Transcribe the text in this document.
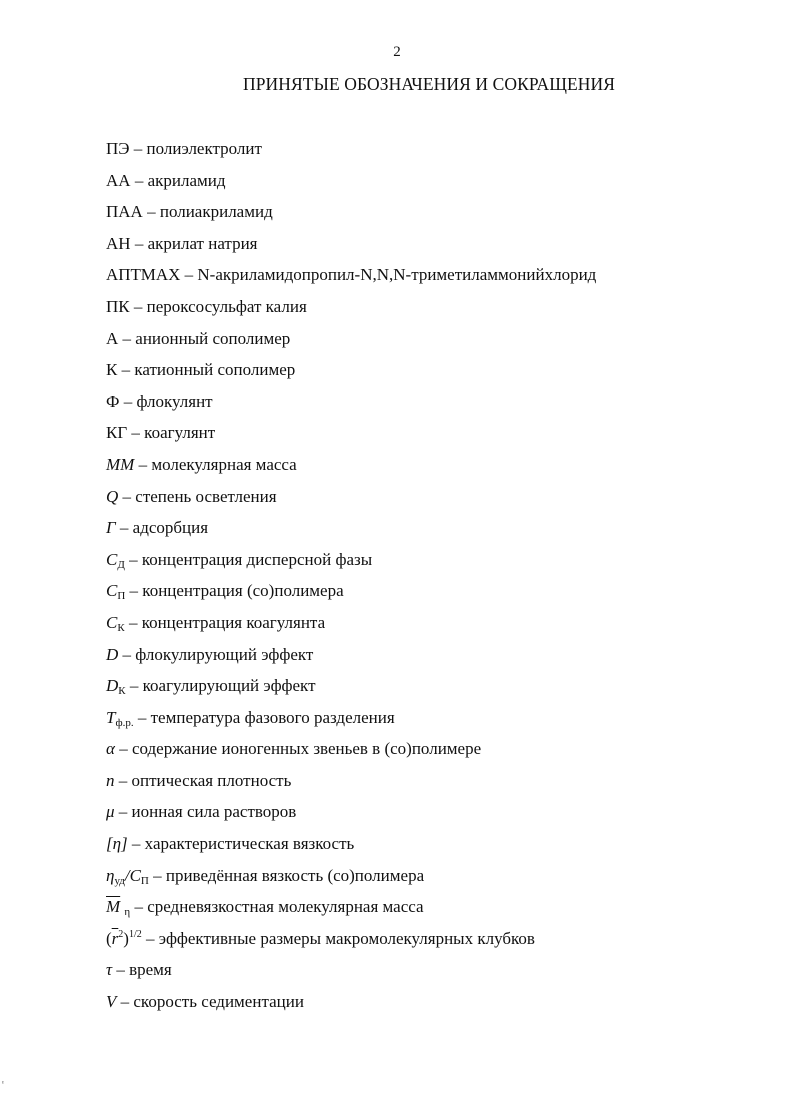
2
ПРИНЯТЫЕ ОБОЗНАЧЕНИЯ И СОКРАЩЕНИЯ
ПЭ – полиэлектролит
АА – акриламид
ПАА – полиакриламид
АН – акрилат натрия
АПТМАХ – N-акриламидопропил-N,N,N-триметиламмонийхлорид
ПК – пероксосульфат калия
А – анионный сополимер
К – катионный сополимер
Ф – флокулянт
КГ – коагулянт
ММ – молекулярная масса
Q – степень осветления
Г – адсорбция
$С_Д$ – концентрация дисперсной фазы
$С_П$ – концентрация (со)полимера
$С_К$ – концентрация коагулянта
D – флокулирующий эффект
$D_К$ – коагулирующий эффект
$T_{ф.р.}$ – температура фазового разделения
α – содержание ионогенных звеньев в (со)полимере
n – оптическая плотность
μ – ионная сила растворов
[η] – характеристическая вязкость
$\eta_{уд}/С_П$ – приведённая вязкость (со)полимера
$\overline{M}$ $_\eta$ – средневязкостная молекулярная масса
$(\overline{r}^2)^{1/2}$ – эффективные размеры макромолекулярных клубков
τ – время
V – скорость седиментации
ᵋ
